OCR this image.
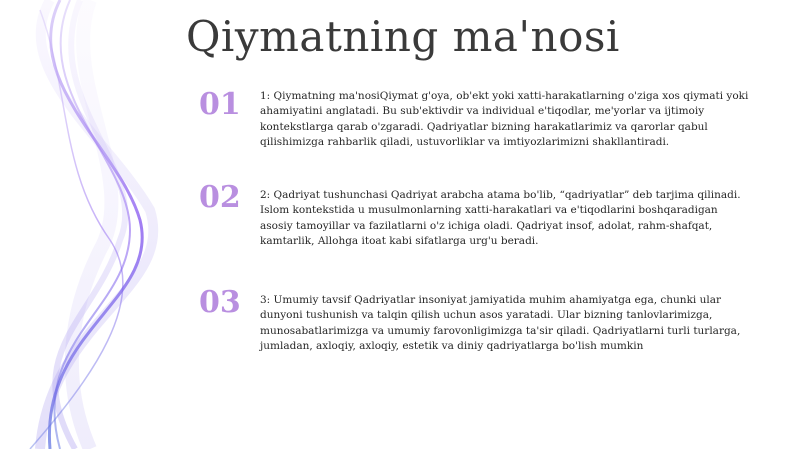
Qiymatning ma'nosi
01 1: Qiymatning ma'nosiQiymat g'oya, ob'ekt yoki xatti-harakatlarning o'ziga xos qiymati yoki ahamiyatini anglatadi. Bu sub'ektivdir va individual e'tiqodlar, me'yorlar va ijtimoiy kontekstlarga qarab o'zgaradi. Qadriyatlar bizning harakatlarimiz va qarorlar qabul qilishimizga rahbarlik qiladi, ustuvorliklar va imtiyozlarimizni shakllantiradi.
02 2: Qadriyat tushunchasi Qadriyat arabcha atama bo'lib, “qadriyatlar” deb tarjima qilinadi. Islom kontekstida u musulmonlarning xatti-harakatlari va e'tiqodlarini boshqaradigan asosiy tamoyillar va fazilatlarni o'z ichiga oladi. Qadriyat insof, adolat, rahm-shafqat, kamtarlik, Allohga itoat kabi sifatlarga urg'u beradi.
03 3: Umumiy tavsif Qadriyatlar insoniyat jamiyatida muhim ahamiyatga ega, chunki ular dunyoni tushunish va talqin qilish uchun asos yaratadi. Ular bizning tanlovlarimizga, munosabatlarimizga va umumiy farovonligimizga ta'sir qiladi. Qadriyatlarni turli turlarga, jumladan, axloqiy, axloqiy, estetik va diniy qadriyatlarga bo'lish mumkin
